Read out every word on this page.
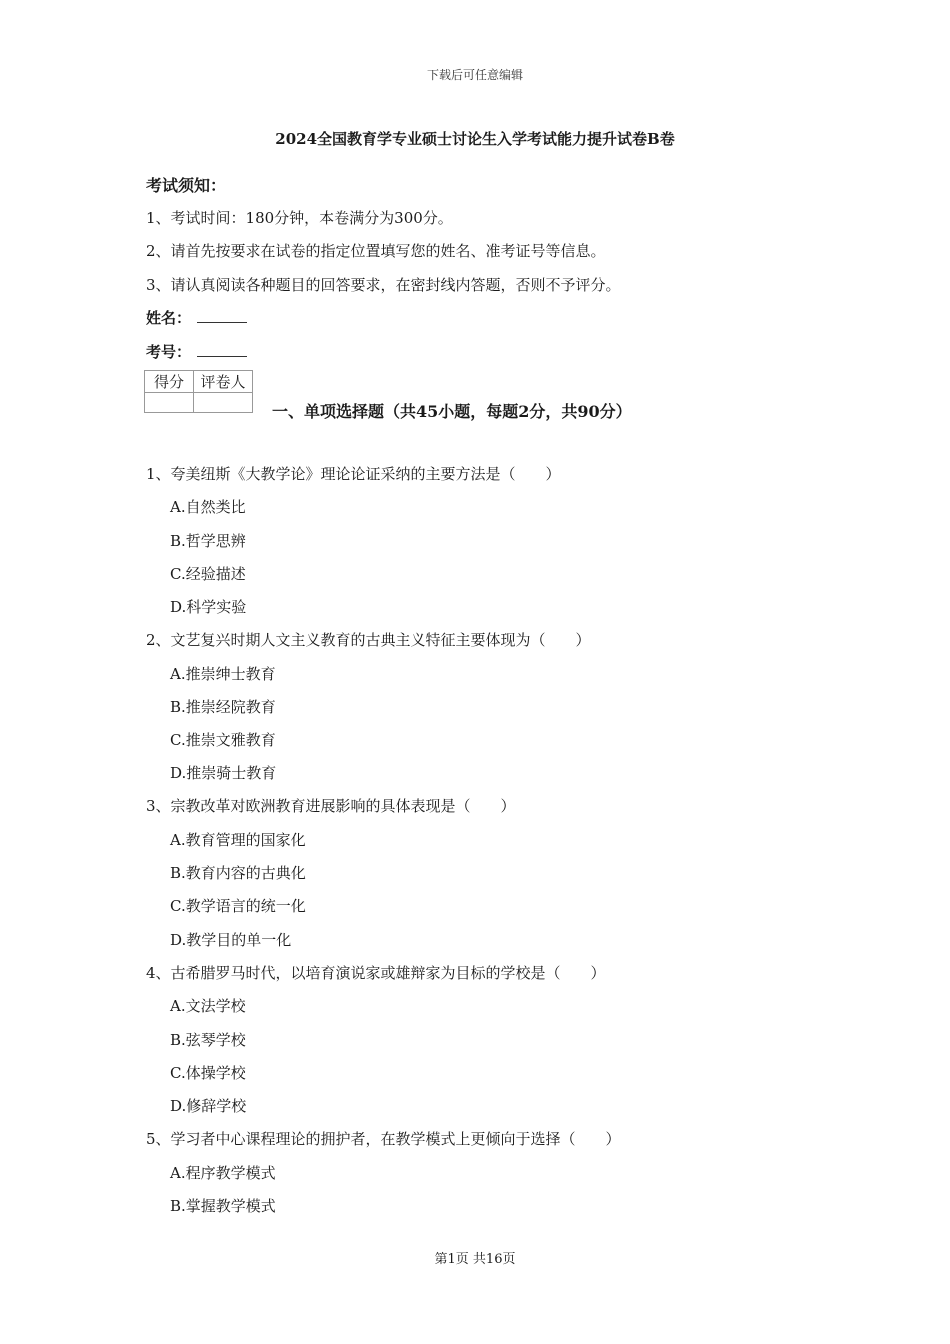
下载后可任意编辑
2024全国教育学专业硕士讨论生入学考试能力提升试卷B卷
考试须知：
1、考试时间：180分钟，本卷满分为300分。
2、请首先按要求在试卷的指定位置填写您的姓名、准考证号等信息。
3、请认真阅读各种题目的回答要求，在密封线内答题，否则不予评分。
姓名：
考号：
得分	评卷人

一、单项选择题（共45小题，每题2分，共90分）
1、夸美纽斯《大教学论》理论论证采纳的主要方法是（　　）
A.自然类比
B.哲学思辨
C.经验描述
D.科学实验
2、文艺复兴时期人文主义教育的古典主义特征主要体现为（　　）
A.推崇绅士教育
B.推崇经院教育
C.推崇文雅教育
D.推崇骑士教育
3、宗教改革对欧洲教育进展影响的具体表现是（　　）
A.教育管理的国家化
B.教育内容的古典化
C.教学语言的统一化
D.教学目的单一化
4、古希腊罗马时代，以培育演说家或雄辩家为目标的学校是（　　）
A.文法学校
B.弦琴学校
C.体操学校
D.修辞学校
5、学习者中心课程理论的拥护者，在教学模式上更倾向于选择（　　）
A.程序教学模式
B.掌握教学模式
第1页 共16页
